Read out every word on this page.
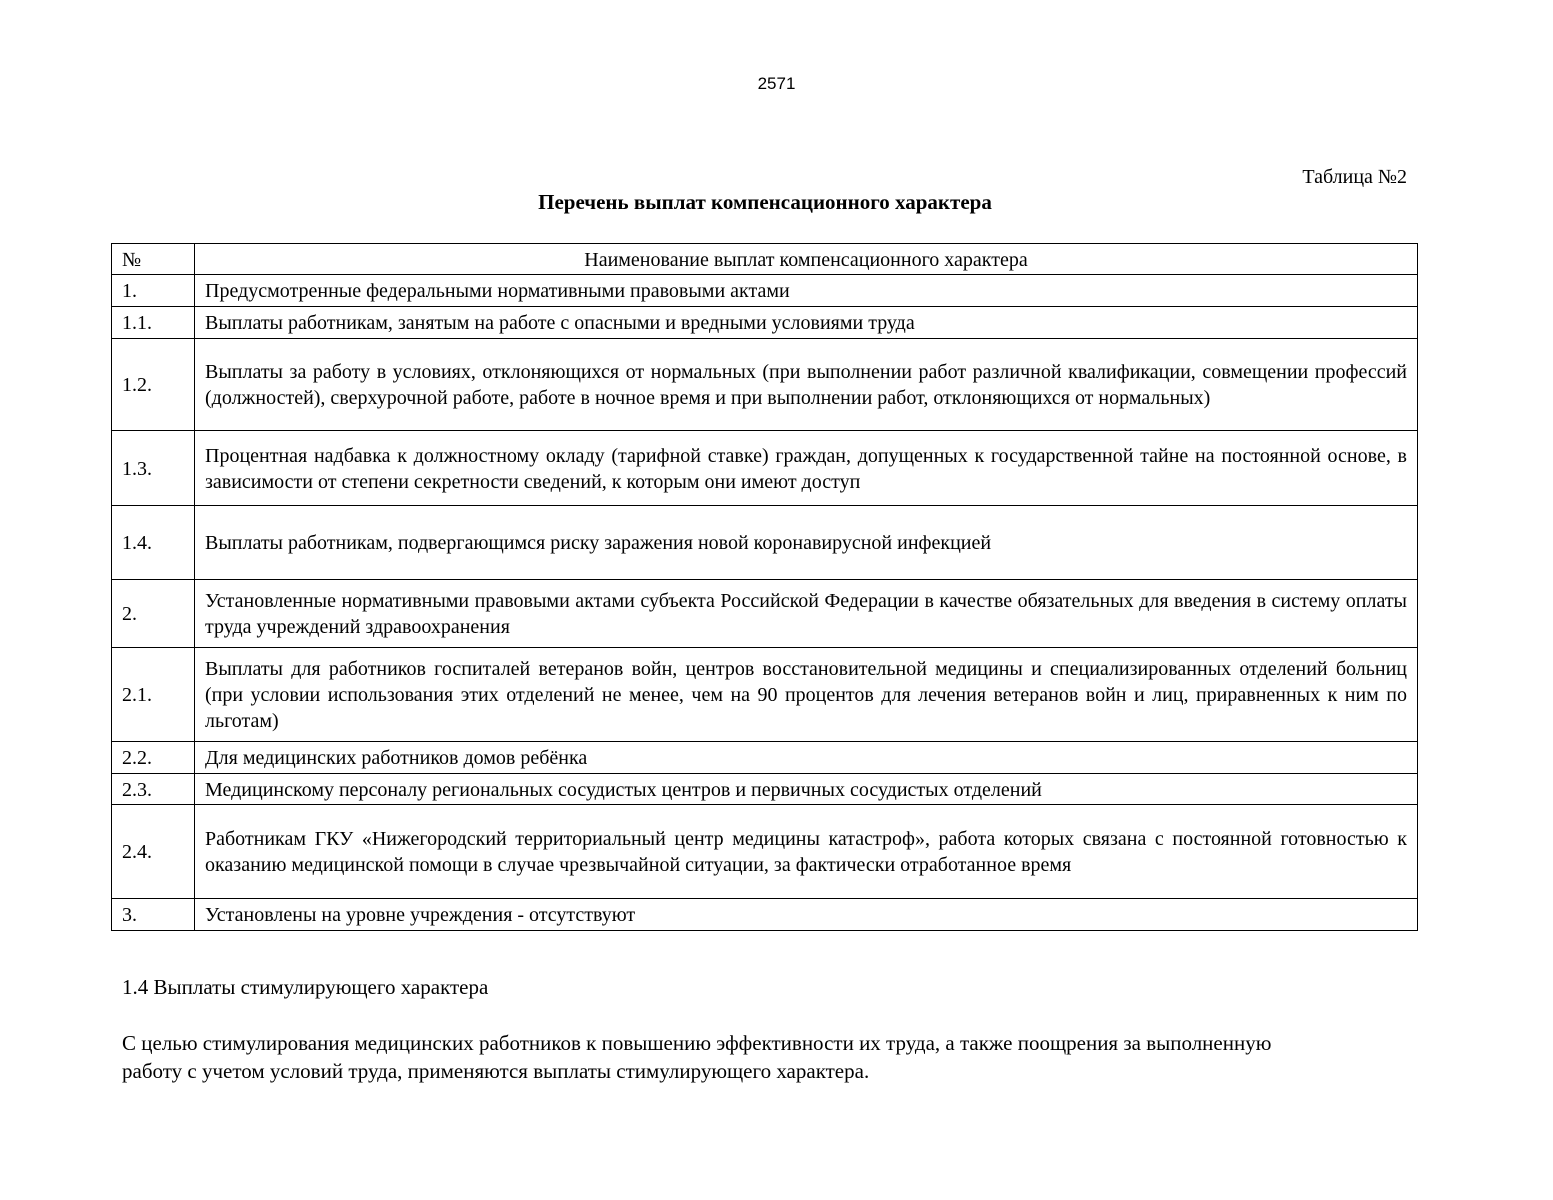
2571
Таблица №2
Перечень выплат компенсационного характера
№	Наименование выплат компенсационного характера
1.	Предусмотренные федеральными нормативными правовыми актами
1.1.	Выплаты работникам, занятым на работе с опасными и вредными условиями труда
1.2.	Выплаты за работу в условиях, отклоняющихся от нормальных (при выполнении работ различной квалификации, совмещении профессий (должностей), сверхурочной работе, работе в ночное время и при выполнении работ, отклоняющихся от нормальных)
1.3.	Процентная надбавка к должностному окладу (тарифной ставке) граждан, допущенных к государственной тайне на постоянной основе, в зависимости от степени секретности сведений, к которым они имеют доступ
1.4.	Выплаты работникам, подвергающимся риску заражения новой коронавирусной инфекцией
2.	Установленные нормативными правовыми актами субъекта Российской Федерации в качестве обязательных для введения в систему оплаты труда учреждений здравоохранения
2.1.	Выплаты для работников госпиталей ветеранов войн, центров восстановительной медицины и специализированных отделений больниц (при условии использования этих отделений не менее, чем на 90 процентов для лечения ветеранов войн и лиц, приравненных к ним по льготам)
2.2.	Для медицинских работников домов ребёнка
2.3.	Медицинскому персоналу региональных сосудистых центров и первичных сосудистых отделений
2.4.	Работникам ГКУ «Нижегородский территориальный центр медицины катастроф», работа которых связана с постоянной готовностью к оказанию медицинской помощи в случае чрезвычайной ситуации, за фактически отработанное время
3.	Установлены на уровне учреждения - отсутствуют
1.4 Выплаты стимулирующего характера
С целью стимулирования медицинских работников к повышению эффективности их труда, а также поощрения за выполненную работу с учетом условий труда, применяются выплаты стимулирующего характера.
